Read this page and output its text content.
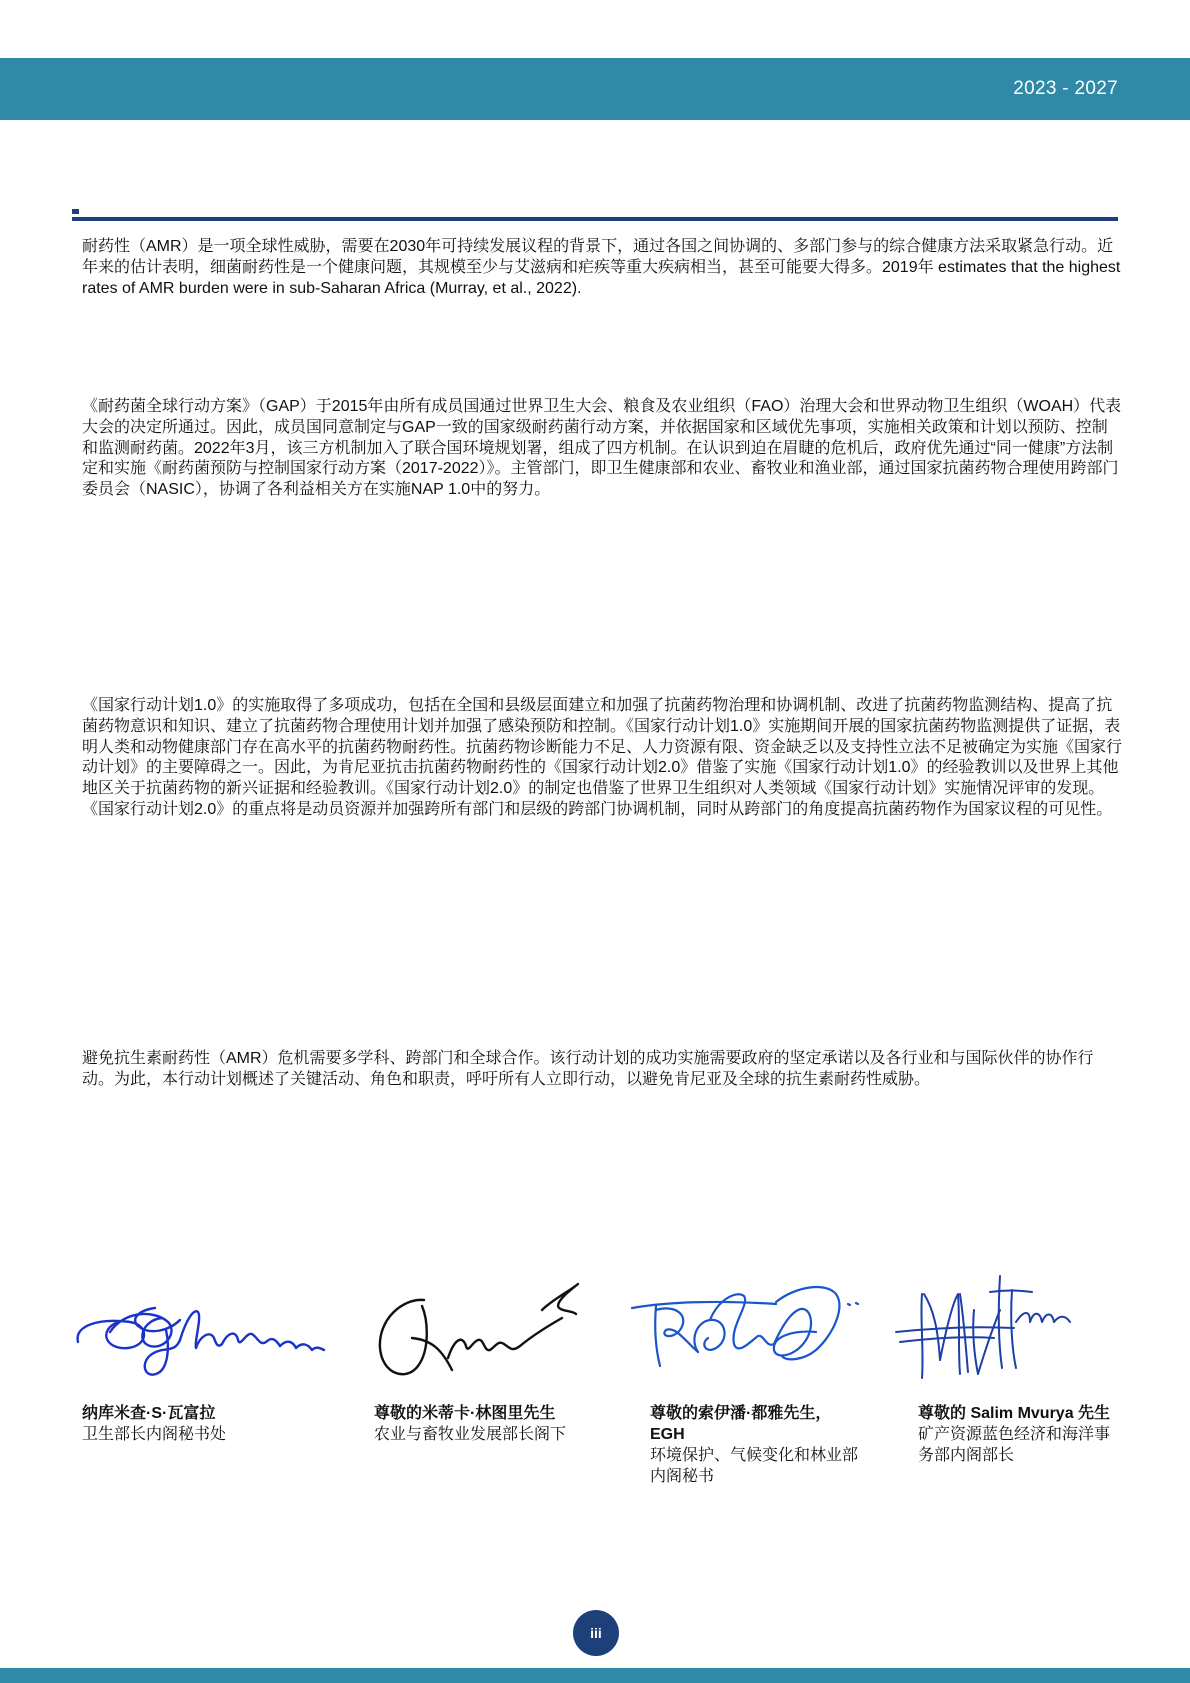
2023 - 2027

耐药性（AMR）是一项全球性威胁，需要在2030年可持续发展议程的背景下，通过各国之间协调的、多部门参与的综合健康方法采取紧急行动。近年来的估计表明，细菌耐药性是一个健康问题，其规模至少与艾滋病和疟疾等重大疾病相当，甚至可能要大得多。2019年 estimates that the highest rates of AMR burden were in sub-Saharan Africa (Murray, et al., 2022).

《耐药菌全球行动方案》（GAP）于2015年由所有成员国通过世界卫生大会、粮食及农业组织（FAO）治理大会和世界动物卫生组织（WOAH）代表大会的决定所通过。因此，成员国同意制定与GAP一致的国家级耐药菌行动方案，并依据国家和区域优先事项，实施相关政策和计划以预防、控制和监测耐药菌。2022年3月，该三方机制加入了联合国环境规划署，组成了四方机制。在认识到迫在眉睫的危机后，政府优先通过“同一健康”方法制定和实施《耐药菌预防与控制国家行动方案（2017-2022）》。主管部门，即卫生健康部和农业、畜牧业和渔业部，通过国家抗菌药物合理使用跨部门委员会（NASIC），协调了各利益相关方在实施NAP 1.0中的努力。

《国家行动计划1.0》的实施取得了多项成功，包括在全国和县级层面建立和加强了抗菌药物治理和协调机制、改进了抗菌药物监测结构、提高了抗菌药物意识和知识、建立了抗菌药物合理使用计划并加强了感染预防和控制。《国家行动计划1.0》实施期间开展的国家抗菌药物监测提供了证据，表明人类和动物健康部门存在高水平的抗菌药物耐药性。抗菌药物诊断能力不足、人力资源有限、资金缺乏以及支持性立法不足被确定为实施《国家行动计划》的主要障碍之一。因此，为肯尼亚抗击抗菌药物耐药性的《国家行动计划2.0》借鉴了实施《国家行动计划1.0》的经验教训以及世界上其他地区关于抗菌药物的新兴证据和经验教训。《国家行动计划2.0》的制定也借鉴了世界卫生组织对人类领域《国家行动计划》实施情况评审的发现。《国家行动计划2.0》的重点将是动员资源并加强跨所有部门和层级的跨部门协调机制，同时从跨部门的角度提高抗菌药物作为国家议程的可见性。

避免抗生素耐药性（AMR）危机需要多学科、跨部门和全球合作。该行动计划的成功实施需要政府的坚定承诺以及各行业和与国际伙伴的协作行动。为此，本行动计划概述了关键活动、角色和职责，呼吁所有人立即行动，以避免肯尼亚及全球的抗生素耐药性威胁。

纳库米查·S·瓦富拉
卫生部长内阁秘书处
尊敬的米蒂卡·林图里先生
农业与畜牧业发展部长阁下
尊敬的索伊潘·都雅先生，EGH
环境保护、气候变化和林业部内阁秘书
尊敬的 Salim Mvurya 先生
矿产资源蓝色经济和海洋事务部内阁部长
iii
